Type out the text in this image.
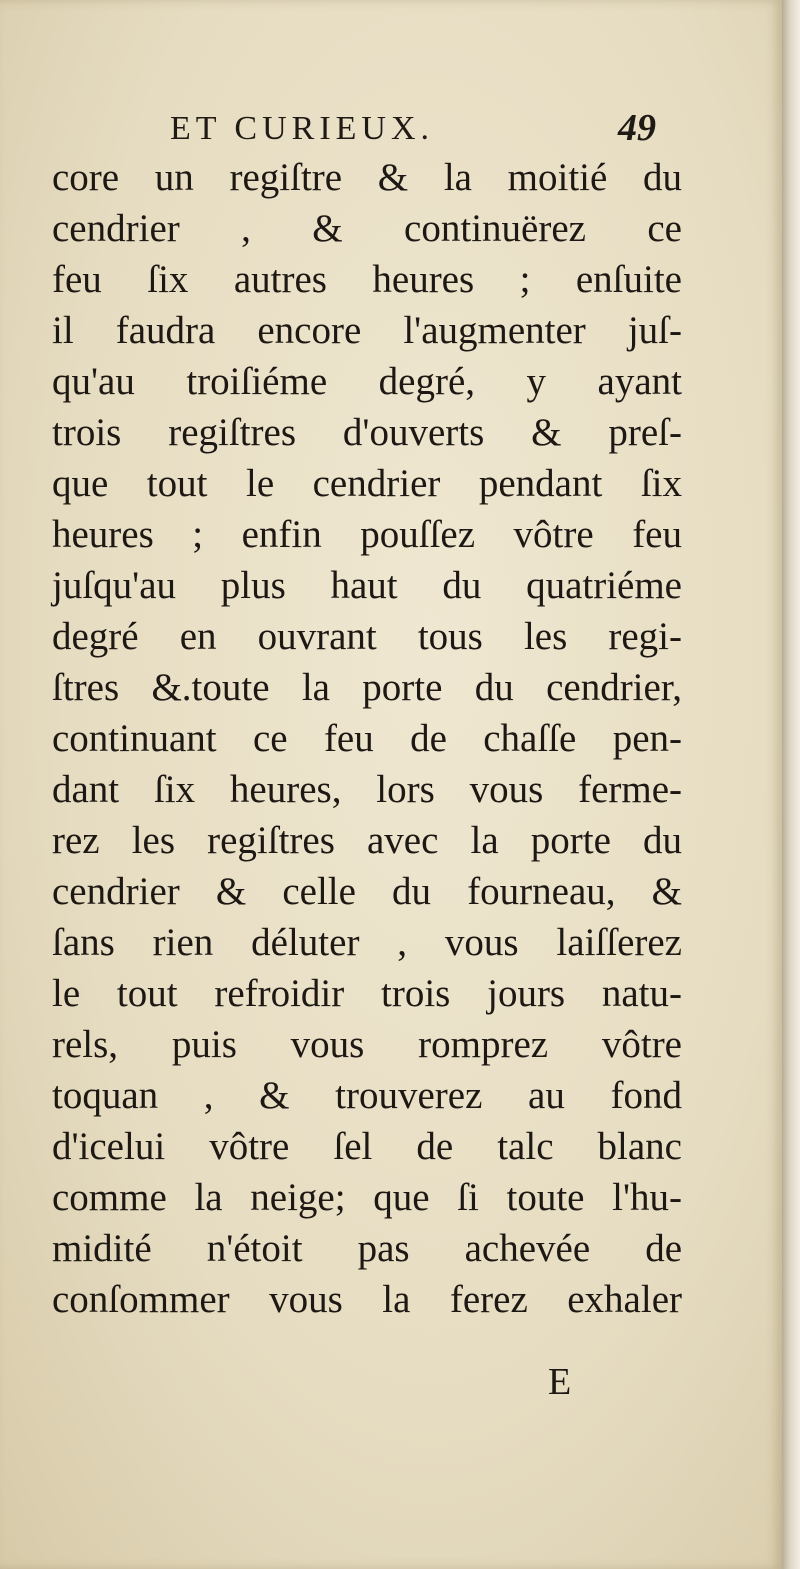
ET CURIEUX.	49
core un regiſtre & la moitié du
cendrier , & continuërez ce
feu ſix autres heures ; enſuite
il faudra encore l'augmenter juſ-
qu'au troiſiéme degré, y ayant
trois regiſtres d'ouverts & preſ-
que tout le cendrier pendant ſix
heures ; enfin pouſſez vôtre feu
juſqu'au plus haut du quatriéme
degré en ouvrant tous les regi-
ſtres &.toute la porte du cendrier,
continuant ce feu de chaſſe pen-
dant ſix heures, lors vous ferme-
rez les regiſtres avec la porte du
cendrier & celle du fourneau, &
ſans rien déluter , vous laiſſerez
le tout refroidir trois jours natu-
rels, puis vous romprez vôtre
toquan , & trouverez au fond
d'icelui vôtre ſel de talc blanc
comme la neige; que ſi toute l'hu-
midité n'étoit pas achevée de
conſommer vous la ferez exhaler
E
